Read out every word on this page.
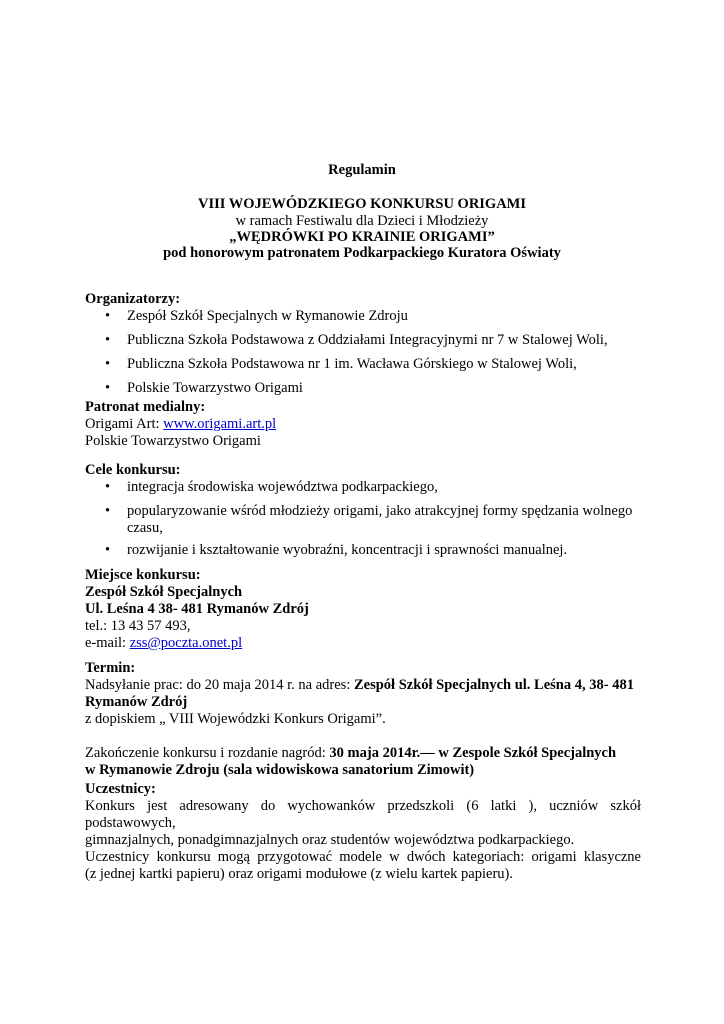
Regulamin
VIII WOJEWÓDZKIEGO KONKURSU ORIGAMI
w ramach Festiwalu dla Dzieci i Młodzieży
„WĘDRÓWKI PO KRAINIE ORIGAMI”
pod honorowym patronatem Podkarpackiego Kuratora Oświaty
Organizatorzy:
• Zespół Szkół Specjalnych w Rymanowie Zdroju
• Publiczna Szkoła Podstawowa z Oddziałami Integracyjnymi nr 7 w Stalowej Woli,
• Publiczna Szkoła Podstawowa nr 1 im. Wacława Górskiego w Stalowej Woli,
• Polskie Towarzystwo Origami
Patronat medialny:
Origami Art: www.origami.art.pl
Polskie Towarzystwo Origami
Cele konkursu:
• integracja środowiska województwa podkarpackiego,
• popularyzowanie wśród młodzieży origami, jako atrakcyjnej formy spędzania wolnego
czasu,
• rozwijanie i kształtowanie wyobraźni, koncentracji i sprawności manualnej.
Miejsce konkursu:
Zespół Szkół Specjalnych
Ul. Leśna 4 38- 481 Rymanów Zdrój
tel.: 13 43 57 493,
e-mail: zss@poczta.onet.pl
Termin:
Nadsyłanie prac: do 20 maja 2014 r. na adres: Zespół Szkół Specjalnych ul. Leśna 4, 38- 481
Rymanów Zdrój
z dopiskiem „ VIII Wojewódzki Konkurs Origami”.
Zakończenie konkursu i rozdanie nagród: 30 maja 2014r.— w Zespole Szkół Specjalnych
w Rymanowie Zdroju (sala widowiskowa sanatorium Zimowit)
Uczestnicy:
Konkurs jest adresowany do wychowanków przedszkoli (6 latki ), uczniów szkół podstawowych,
gimnazjalnych, ponadgimnazjalnych oraz studentów województwa podkarpackiego.
Uczestnicy konkursu mogą przygotować modele w dwóch kategoriach: origami klasyczne
(z jednej kartki papieru) oraz origami modułowe (z wielu kartek papieru).
